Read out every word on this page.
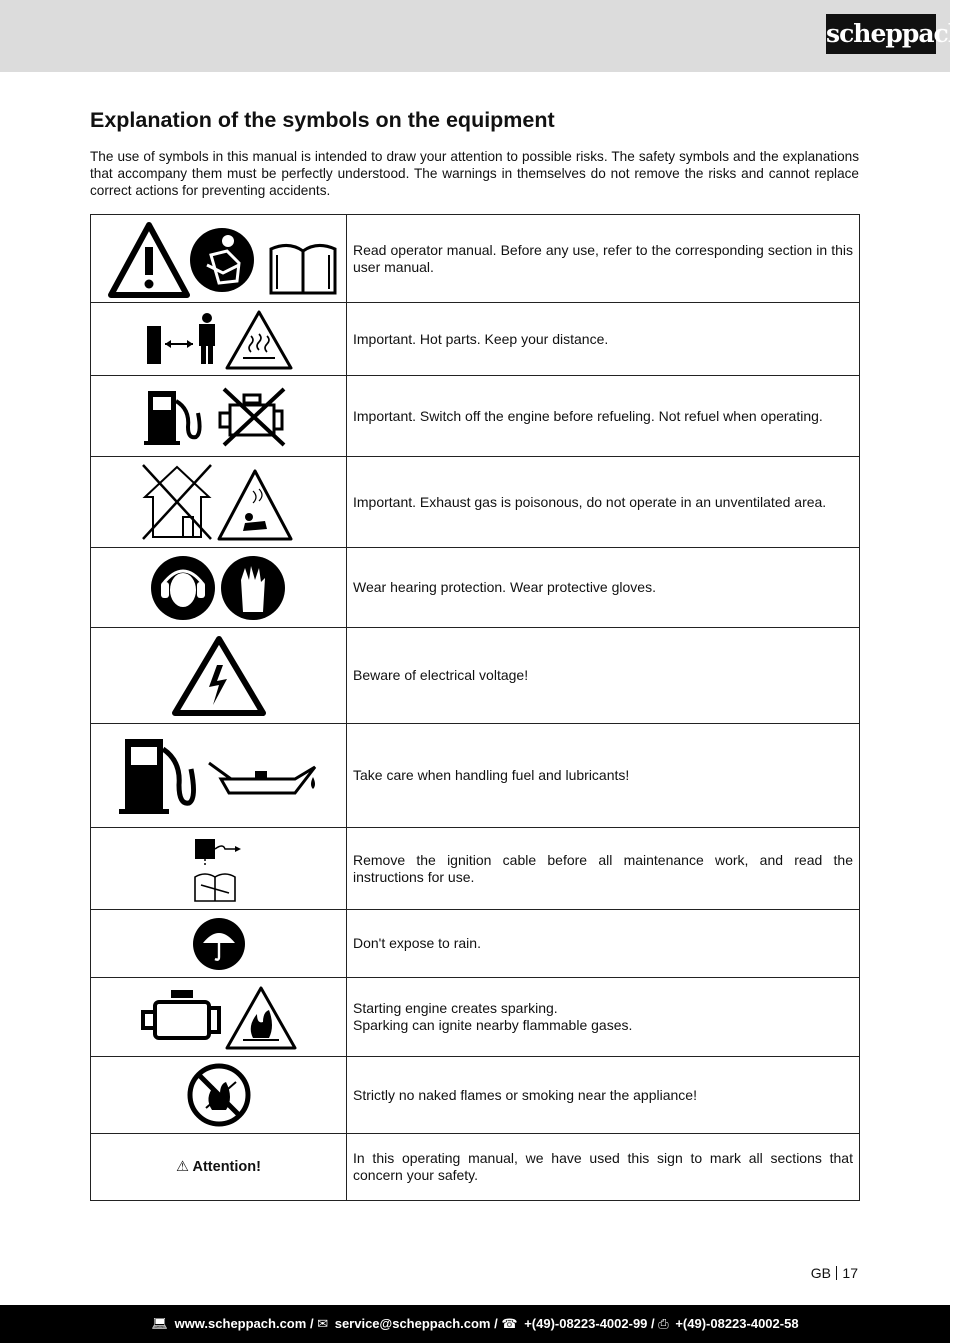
scheppach
Explanation of the symbols on the equipment

The use of symbols in this manual is intended to draw your attention to possible risks. The safety symbols and the explanations that accompany them must be perfectly understood. The warnings in themselves do not remove the risks and cannot replace correct actions for preventing accidents.

Read operator manual. Before any use, refer to the corresponding section in this user manual.

Important. Hot parts. Keep your distance.

Important. Switch off the engine before refueling. Not refuel when operating.

Important. Exhaust gas is poisonous, do not operate in an unventilated area.

Wear hearing protection. Wear protective gloves.

Beware of electrical voltage!

Take care when handling fuel and lubricants!

Remove the ignition cable before all maintenance work, and read the instructions for use.

Don't expose to rain.

Starting engine creates sparking.
Sparking can ignite nearby flammable gases.

Strictly no naked flames or smoking near the appliance!

⚠ Attention!	In this operating manual, we have used this sign to mark all sections that concern your safety.
GB 17
💻︎ www.scheppach.com / ✉︎ service@scheppach.com / ☎︎ +(49)-08223-4002-99 / ⎙ +(49)-08223-4002-58
